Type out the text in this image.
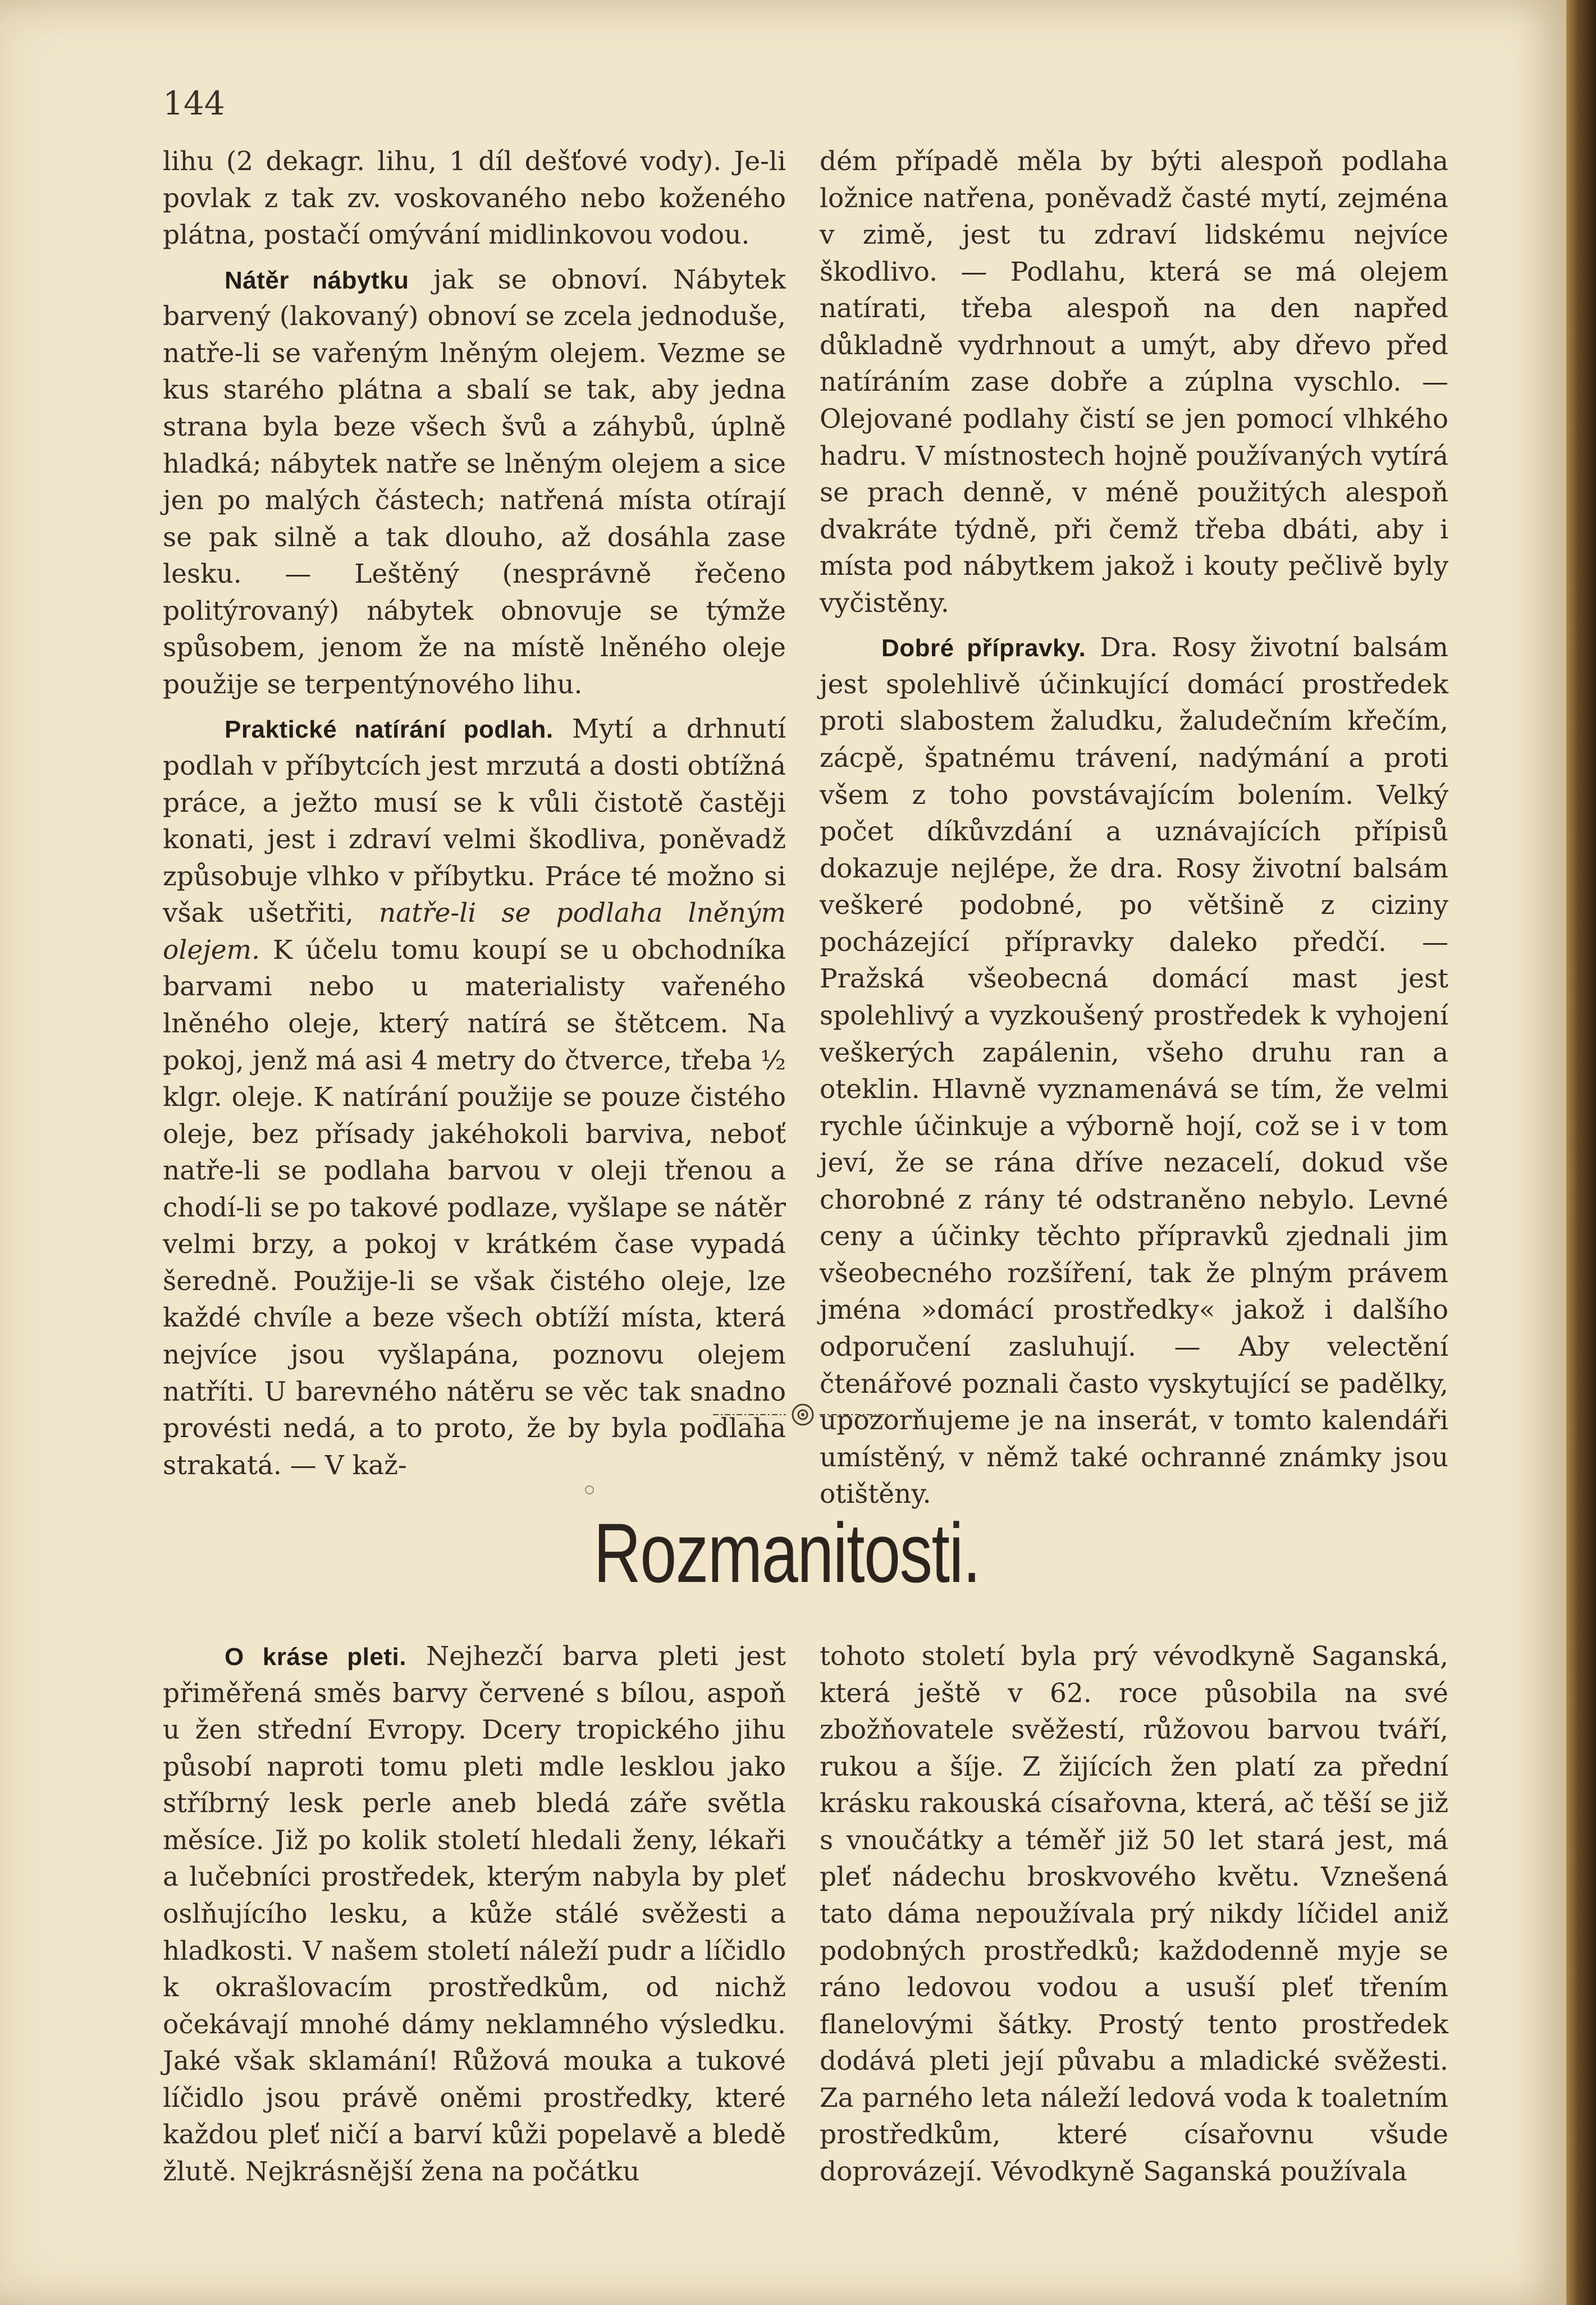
144

lihu (2 dekagr. lihu, 1 díl dešťové vody). Je-li povlak z tak zv. voskovaného nebo koženého plátna, postačí omývání midlinkovou vodou.

Nátěr nábytku jak se obnoví. Nábytek barvený (lakovaný) obnoví se zcela jednoduše, natře-li se vařeným lněným olejem. Vezme se kus starého plátna a sbalí se tak, aby jedna strana byla beze všech švů a záhybů, úplně hladká; nábytek natře se lněným olejem a sice jen po malých částech; natřená místa otírají se pak silně a tak dlouho, až dosáhla zase lesku. — Leštěný (nesprávně řečeno politýrovaný) nábytek obnovuje se týmže spůsobem, jenom že na místě lněného oleje použije se terpentýnového lihu.

Praktické natírání podlah. Mytí a drhnutí podlah v příbytcích jest mrzutá a dosti obtížná práce, a ježto musí se k vůli čistotě častěji konati, jest i zdraví velmi škodliva, poněvadž způsobuje vlhko v příbytku. Práce té možno si však ušetřiti, natře-li se podlaha lněným olejem. K účelu tomu koupí se u obchodníka barvami nebo u materialisty vařeného lněného oleje, který natírá se štětcem. Na pokoj, jenž má asi 4 metry do čtverce, třeba ½ klgr. oleje. K natírání použije se pouze čistého oleje, bez přísady jakéhokoli barviva, neboť natře-li se podlaha barvou v oleji třenou a chodí-li se po takové podlaze, vyšlape se nátěr velmi brzy, a pokoj v krátkém čase vypadá šeredně. Použije-li se však čistého oleje, lze každé chvíle a beze všech obtíží místa, která nejvíce jsou vyšlapána, poznovu olejem natříti. U barevného nátěru se věc tak snadno provésti nedá, a to proto, že by byla podlaha strakatá. — V kaž-

dém případě měla by býti alespoň podlaha ložnice natřena, poněvadž časté mytí, zejména v zimě, jest tu zdraví lidskému nejvíce škodlivo. — Podlahu, která se má olejem natírati, třeba alespoň na den napřed důkladně vydrhnout a umýt, aby dřevo před natíráním zase dobře a zúplna vyschlo. — Olejované podlahy čistí se jen pomocí vlhkého hadru. V místnostech hojně používaných vytírá se prach denně, v méně použitých alespoň dvakráte týdně, při čemž třeba dbáti, aby i místa pod nábytkem jakož i kouty pečlivě byly vyčistěny.

Dobré přípravky. Dra. Rosy životní balsám jest spolehlivě účinkující domácí prostředek proti slabostem žaludku, žaludečním křečím, zácpě, špatnému trávení, nadýmání a proti všem z toho povstávajícím bolením. Velký počet díkůvzdání a uznávajících přípisů dokazuje nejlépe, že dra. Rosy životní balsám veškeré podobné, po většině z ciziny pocházející přípravky daleko předčí. — Pražská všeobecná domácí mast jest spolehlivý a vyzkoušený prostředek k vyhojení veškerých zapálenin, všeho druhu ran a oteklin. Hlavně vyznamenává se tím, že velmi rychle účinkuje a výborně hojí, což se i v tom jeví, že se rána dříve nezacelí, dokud vše chorobné z rány té odstraněno nebylo. Levné ceny a účinky těchto přípravků zjednali jim všeobecného rozšíření, tak že plným právem jména »domácí prostředky« jakož i dalšího odporučení zasluhují. — Aby velectění čtenářové poznali často vyskytující se padělky, upozorňujeme je na inserát, v tomto kalendáři umístěný, v němž také ochranné známky jsou otištěny.

Rozmanitosti.

O kráse pleti. Nejhezčí barva pleti jest přiměřená směs barvy červené s bílou, aspoň u žen střední Evropy. Dcery tropického jihu působí naproti tomu pleti mdle lesklou jako stříbrný lesk perle aneb bledá záře světla měsíce. Již po kolik století hledali ženy, lékaři a lučebníci prostředek, kterým nabyla by pleť oslňujícího lesku, a kůže stálé svěžesti a hladkosti. V našem století náleží pudr a líčidlo k okrašlovacím prostředkům, od nichž očekávají mnohé dámy neklamného výsledku. Jaké však sklamání! Růžová mouka a tukové líčidlo jsou právě oněmi prostředky, které každou pleť ničí a barví kůži popelavě a bledě žlutě. Nejkrásnější žena na počátku

tohoto století byla prý vévodkyně Saganská, která ještě v 62. roce působila na své zbožňovatele svěžestí, růžovou barvou tváří, rukou a šíje. Z žijících žen platí za přední krásku rakouská císařovna, která, ač těší se již s vnoučátky a téměř již 50 let stará jest, má pleť nádechu broskvového květu. Vznešená tato dáma nepoužívala prý nikdy líčidel aniž podobných prostředků; každodenně myje se ráno ledovou vodou a usuší pleť třením flanelovými šátky. Prostý tento prostředek dodává pleti její půvabu a mladické svěžesti. Za parného leta náleží ledová voda k toaletním prostředkům, které císařovnu všude doprovázejí. Vévodkyně Saganská používala
